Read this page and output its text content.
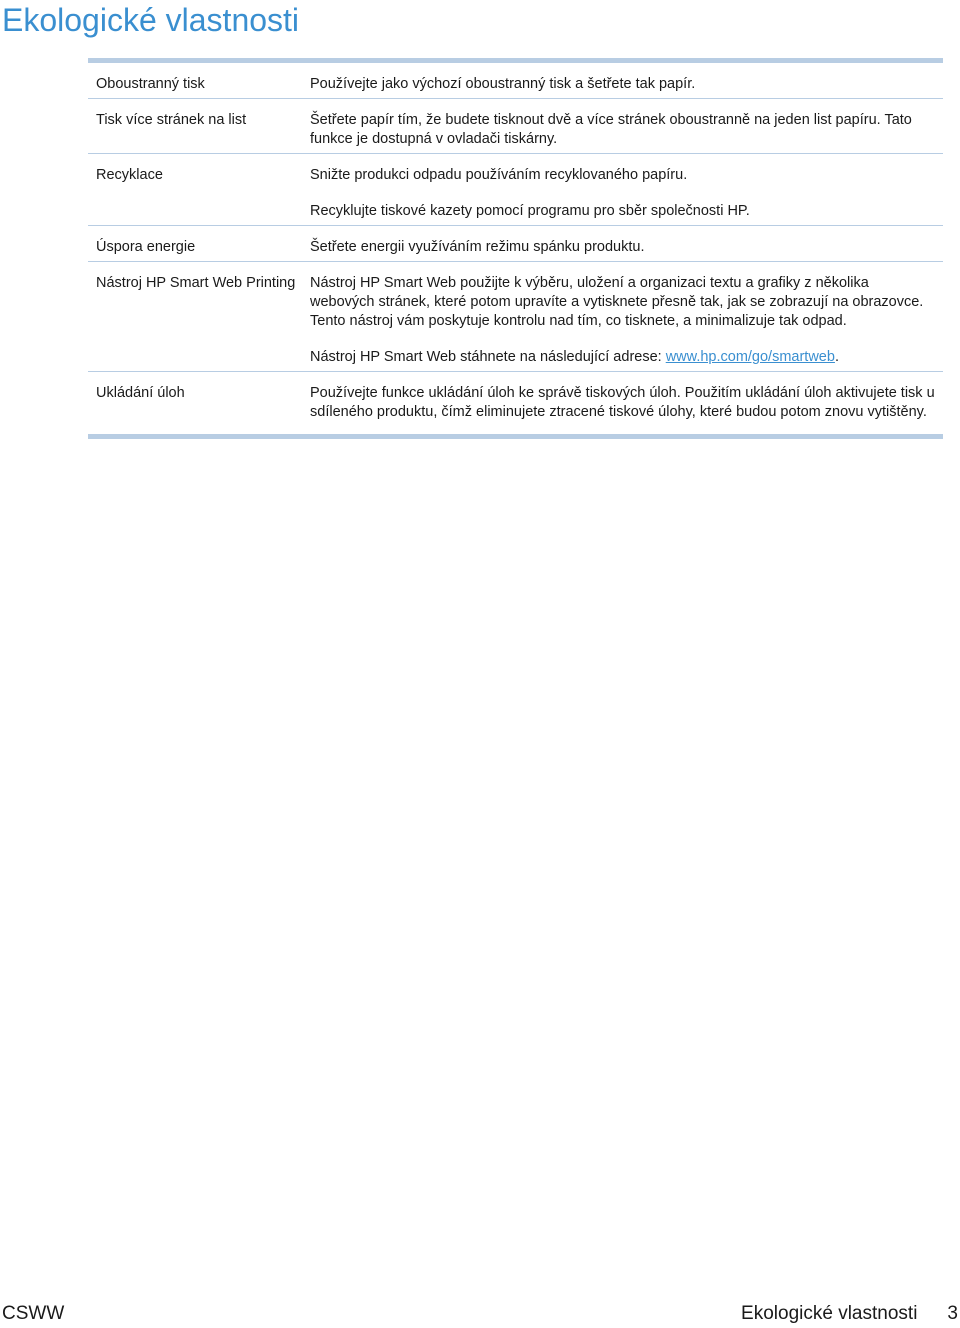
Ekologické vlastnosti
Oboustranný tisk	Používejte jako výchozí oboustranný tisk a šetřete tak papír.

Tisk více stránek na list	Šetřete papír tím, že budete tisknout dvě a více stránek oboustranně na jeden list papíru. Tato funkce je dostupná v ovladači tiskárny.

Recyklace	Snižte produkci odpadu používáním recyklovaného papíru.

Recyklujte tiskové kazety pomocí programu pro sběr společnosti HP.

Úspora energie	Šetřete energii využíváním režimu spánku produktu.

Nástroj HP Smart Web Printing	Nástroj HP Smart Web použijte k výběru, uložení a organizaci textu a grafiky z několika webových stránek, které potom upravíte a vytisknete přesně tak, jak se zobrazují na obrazovce. Tento nástroj vám poskytuje kontrolu nad tím, co tisknete, a minimalizuje tak odpad.

Nástroj HP Smart Web stáhnete na následující adrese: www.hp.com/go/smartweb.

Ukládání úloh	Používejte funkce ukládání úloh ke správě tiskových úloh. Použitím ukládání úloh aktivujete tisk u sdíleného produktu, čímž eliminujete ztracené tiskové úlohy, které budou potom znovu vytištěny.

CSWW	Ekologické vlastnosti 3
